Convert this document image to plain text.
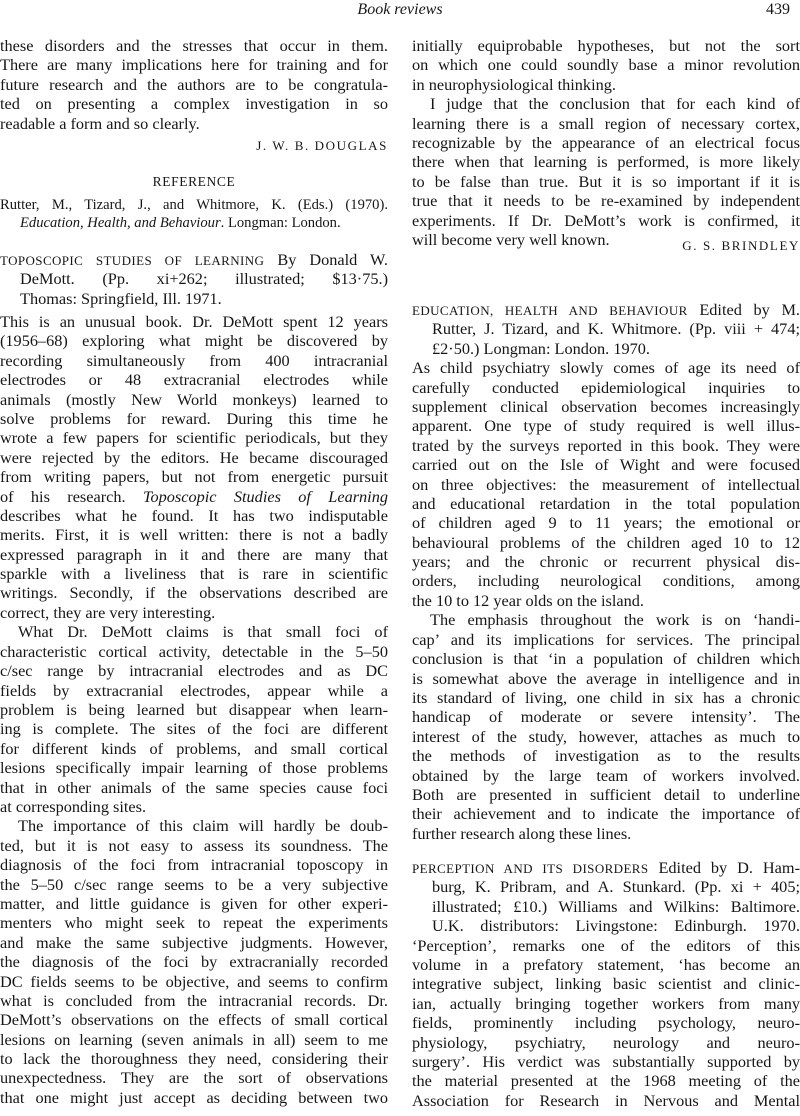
Book reviews	439
these disorders and the stresses that occur in them.
There are many implications here for training and for
future research and the authors are to be congratula-
ted on presenting a complex investigation in so
readable a form and so clearly.
J. W. B. DOUGLAS
REFERENCE
Rutter, M., Tizard, J., and Whitmore, K. (Eds.) (1970).
Education, Health, and Behaviour. Longman: London.
TOPOSCOPIC STUDIES OF LEARNING By Donald W.
DeMott. (Pp. xi+262; illustrated; $13·75.)
Thomas: Springfield, Ill. 1971.
This is an unusual book. Dr. DeMott spent 12 years
(1956–68) exploring what might be discovered by
recording simultaneously from 400 intracranial
electrodes or 48 extracranial electrodes while
animals (mostly New World monkeys) learned to
solve problems for reward. During this time he
wrote a few papers for scientific periodicals, but they
were rejected by the editors. He became discouraged
from writing papers, but not from energetic pursuit
of his research. Toposcopic Studies of Learning
describes what he found. It has two indisputable
merits. First, it is well written: there is not a badly
expressed paragraph in it and there are many that
sparkle with a liveliness that is rare in scientific
writings. Secondly, if the observations described are
correct, they are very interesting.
What Dr. DeMott claims is that small foci of
characteristic cortical activity, detectable in the 5–50
c/sec range by intracranial electrodes and as DC
fields by extracranial electrodes, appear while a
problem is being learned but disappear when learn-
ing is complete. The sites of the foci are different
for different kinds of problems, and small cortical
lesions specifically impair learning of those problems
that in other animals of the same species cause foci
at corresponding sites.
The importance of this claim will hardly be doub-
ted, but it is not easy to assess its soundness. The
diagnosis of the foci from intracranial toposcopy in
the 5–50 c/sec range seems to be a very subjective
matter, and little guidance is given for other experi-
menters who might seek to repeat the experiments
and make the same subjective judgments. However,
the diagnosis of the foci by extracranially recorded
DC fields seems to be objective, and seems to confirm
what is concluded from the intracranial records. Dr.
DeMott’s observations on the effects of small cortical
lesions on learning (seven animals in all) seem to me
to lack the thoroughness they need, considering their
unexpectedness. They are the sort of observations
that one might just accept as deciding between two
initially equiprobable hypotheses, but not the sort
on which one could soundly base a minor revolution
in neurophysiological thinking.
I judge that the conclusion that for each kind of
learning there is a small region of necessary cortex,
recognizable by the appearance of an electrical focus
there when that learning is performed, is more likely
to be false than true. But it is so important if it is
true that it needs to be re-examined by independent
experiments. If Dr. DeMott’s work is confirmed, it
will become very well known.	G. S. BRINDLEY
EDUCATION, HEALTH AND BEHAVIOUR Edited by M.
Rutter, J. Tizard, and K. Whitmore. (Pp. viii + 474;
£2·50.) Longman: London. 1970.
As child psychiatry slowly comes of age its need of
carefully conducted epidemiological inquiries to
supplement clinical observation becomes increasingly
apparent. One type of study required is well illus-
trated by the surveys reported in this book. They were
carried out on the Isle of Wight and were focused
on three objectives: the measurement of intellectual
and educational retardation in the total population
of children aged 9 to 11 years; the emotional or
behavioural problems of the children aged 10 to 12
years; and the chronic or recurrent physical dis-
orders, including neurological conditions, among
the 10 to 12 year olds on the island.
The emphasis throughout the work is on ‘handi-
cap’ and its implications for services. The principal
conclusion is that ‘in a population of children which
is somewhat above the average in intelligence and in
its standard of living, one child in six has a chronic
handicap of moderate or severe intensity’. The
interest of the study, however, attaches as much to
the methods of investigation as to the results
obtained by the large team of workers involved.
Both are presented in sufficient detail to underline
their achievement and to indicate the importance of
further research along these lines.
PERCEPTION AND ITS DISORDERS Edited by D. Ham-
burg, K. Pribram, and A. Stunkard. (Pp. xi + 405;
illustrated; £10.) Williams and Wilkins: Baltimore.
U.K. distributors: Livingstone: Edinburgh. 1970.
‘Perception’, remarks one of the editors of this
volume in a prefatory statement, ‘has become an
integrative subject, linking basic scientist and clinic-
ian, actually bringing together workers from many
fields, prominently including psychology, neuro-
physiology, psychiatry, neurology and neuro-
surgery’. His verdict was substantially supported by
the material presented at the 1968 meeting of the
Association for Research in Nervous and Mental
